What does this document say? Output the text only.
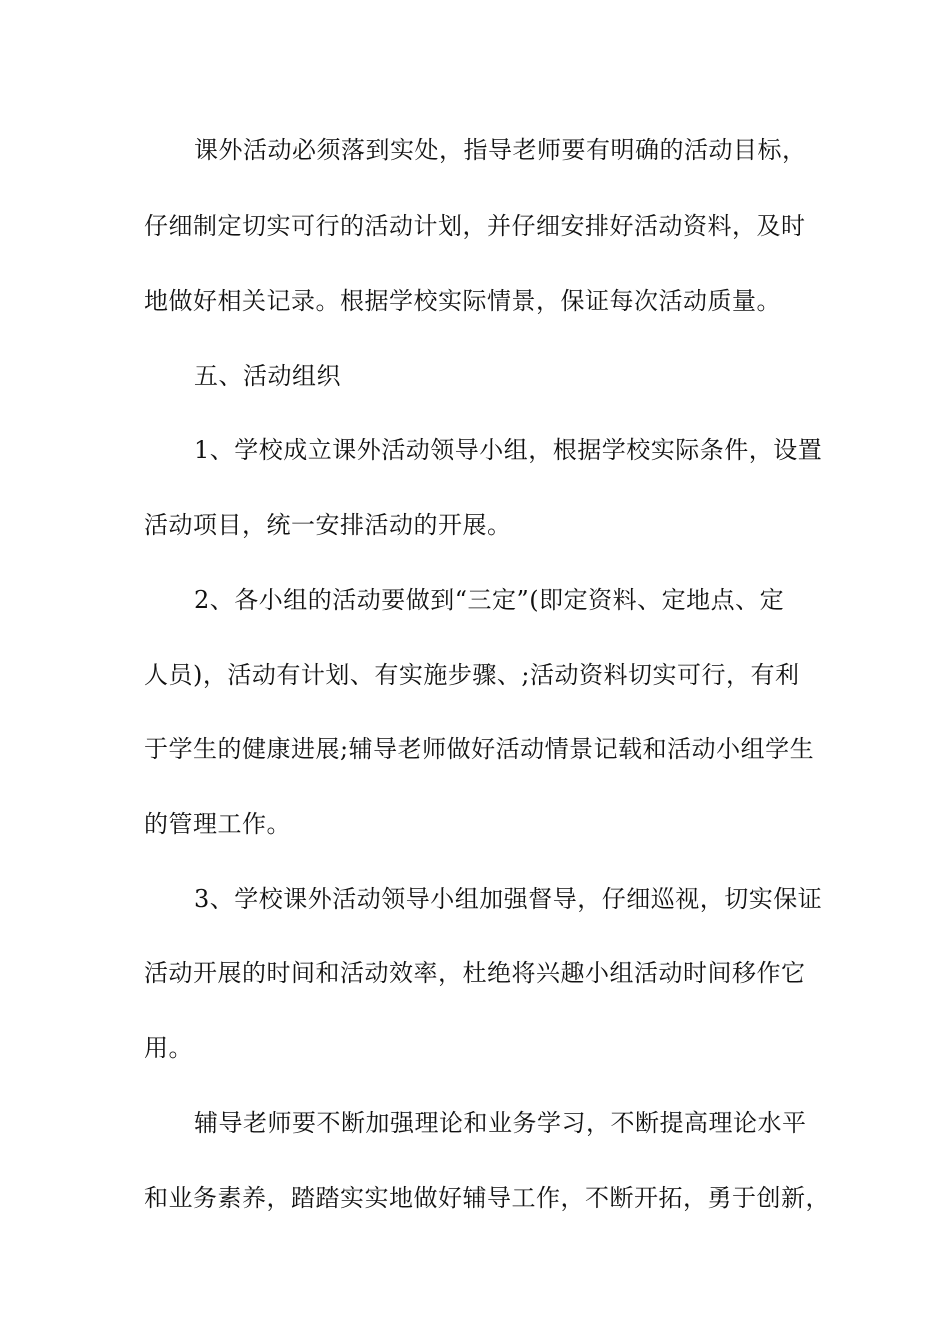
课外活动必须落到实处，指导老师要有明确的活动目标，
仔细制定切实可行的活动计划，并仔细安排好活动资料，及时
地做好相关记录。根据学校实际情景，保证每次活动质量。
五、活动组织
1、学校成立课外活动领导小组，根据学校实际条件，设置
活动项目，统一安排活动的开展。
2、各小组的活动要做到“三定”(即定资料、定地点、定
人员)，活动有计划、有实施步骤、;活动资料切实可行，有利
于学生的健康进展;辅导老师做好活动情景记载和活动小组学生
的管理工作。
3、学校课外活动领导小组加强督导，仔细巡视，切实保证
活动开展的时间和活动效率，杜绝将兴趣小组活动时间移作它
用。
辅导老师要不断加强理论和业务学习，不断提高理论水平
和业务素养，踏踏实实地做好辅导工作，不断开拓，勇于创新，
